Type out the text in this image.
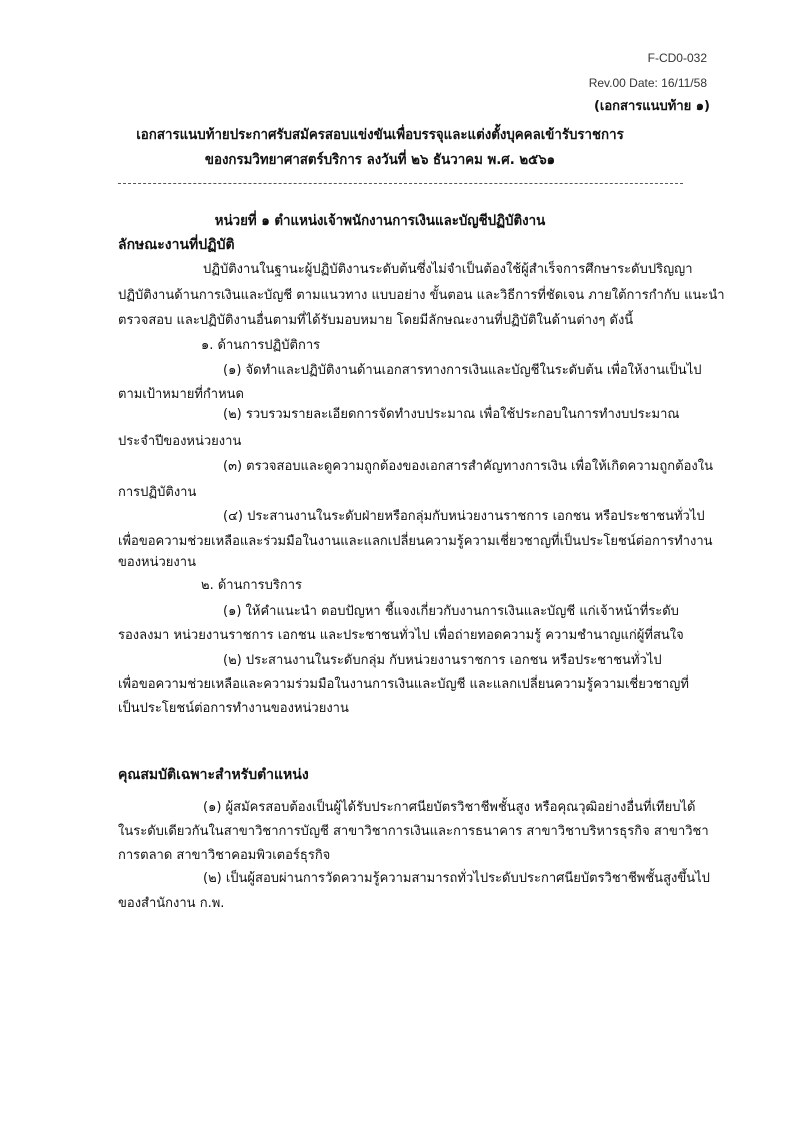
F-CD0-032
Rev.00 Date: 16/11/58
(เอกสารแนบท้าย ๑)
เอกสารแนบท้ายประกาศรับสมัครสอบแข่งขันเพื่อบรรจุและแต่งตั้งบุคคลเข้ารับราชการ
ของกรมวิทยาศาสตร์บริการ ลงวันที่ ๒๖ ธันวาคม พ.ศ. ๒๕๖๑
หน่วยที่ ๑ ตำแหน่งเจ้าพนักงานการเงินและบัญชีปฏิบัติงาน
ลักษณะงานที่ปฏิบัติ
ปฏิบัติงานในฐานะผู้ปฏิบัติงานระดับต้นซึ่งไม่จำเป็นต้องใช้ผู้สำเร็จการศึกษาระดับปริญญา
ปฏิบัติงานด้านการเงินและบัญชี ตามแนวทาง แบบอย่าง ขั้นตอน และวิธีการที่ชัดเจน ภายใต้การกำกับ แนะนำ
ตรวจสอบ และปฏิบัติงานอื่นตามที่ได้รับมอบหมาย โดยมีลักษณะงานที่ปฏิบัติในด้านต่างๆ ดังนี้
๑. ด้านการปฏิบัติการ
(๑) จัดทำและปฏิบัติงานด้านเอกสารทางการเงินและบัญชีในระดับต้น เพื่อให้งานเป็นไป
ตามเป้าหมายที่กำหนด
(๒) รวบรวมรายละเอียดการจัดทำงบประมาณ เพื่อใช้ประกอบในการทำงบประมาณ
ประจำปีของหน่วยงาน
(๓) ตรวจสอบและดูความถูกต้องของเอกสารสำคัญทางการเงิน เพื่อให้เกิดความถูกต้องใน
การปฏิบัติงาน
(๔) ประสานงานในระดับฝ่ายหรือกลุ่มกับหน่วยงานราชการ เอกชน หรือประชาชนทั่วไป
เพื่อขอความช่วยเหลือและร่วมมือในงานและแลกเปลี่ยนความรู้ความเชี่ยวชาญที่เป็นประโยชน์ต่อการทำงาน
ของหน่วยงาน
๒. ด้านการบริการ
(๑) ให้คำแนะนำ ตอบปัญหา ชี้แจงเกี่ยวกับงานการเงินและบัญชี แก่เจ้าหน้าที่ระดับ
รองลงมา หน่วยงานราชการ เอกชน และประชาชนทั่วไป เพื่อถ่ายทอดความรู้ ความชำนาญแก่ผู้ที่สนใจ
(๒) ประสานงานในระดับกลุ่ม กับหน่วยงานราชการ เอกชน หรือประชาชนทั่วไป
เพื่อขอความช่วยเหลือและความร่วมมือในงานการเงินและบัญชี และแลกเปลี่ยนความรู้ความเชี่ยวชาญที่
เป็นประโยชน์ต่อการทำงานของหน่วยงาน
คุณสมบัติเฉพาะสำหรับตำแหน่ง
(๑) ผู้สมัครสอบต้องเป็นผู้ได้รับประกาศนียบัตรวิชาชีพชั้นสูง หรือคุณวุฒิอย่างอื่นที่เทียบได้
ในระดับเดียวกันในสาขาวิชาการบัญชี สาขาวิชาการเงินและการธนาคาร สาขาวิชาบริหารธุรกิจ สาขาวิชา
การตลาด สาขาวิชาคอมพิวเตอร์ธุรกิจ
(๒) เป็นผู้สอบผ่านการวัดความรู้ความสามารถทั่วไประดับประกาศนียบัตรวิชาชีพชั้นสูงขึ้นไป
ของสำนักงาน ก.พ.
